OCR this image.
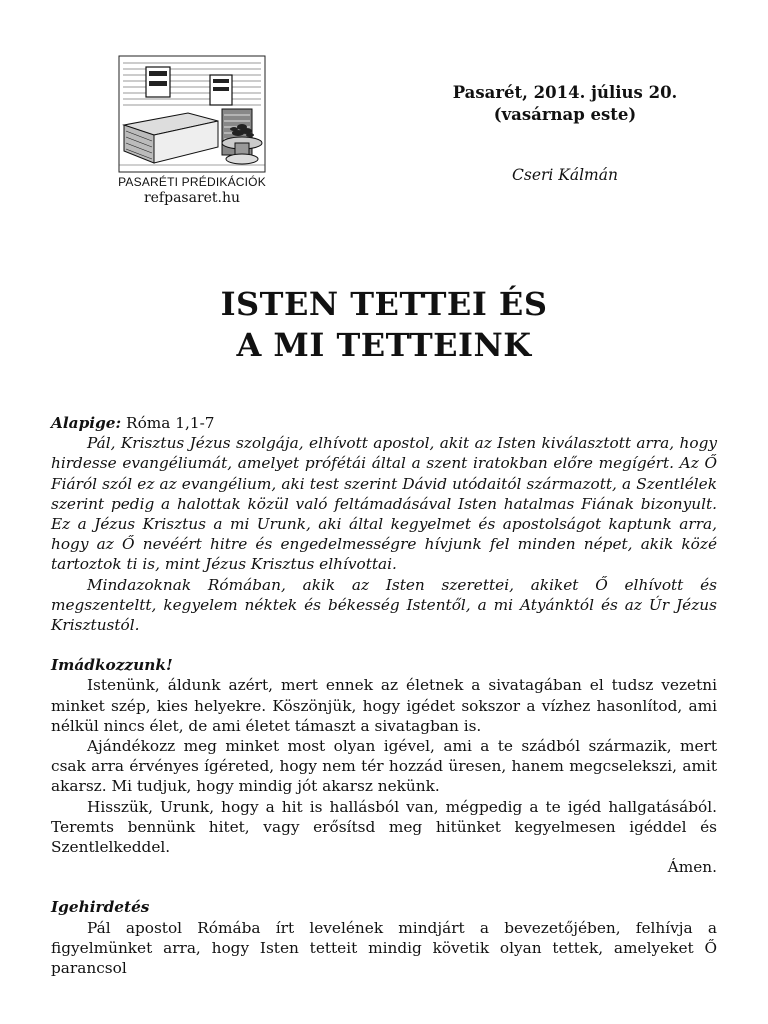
PASARÉTI PRÉDIKÁCIÓK
refpasaret.hu
Pasarét, 2014. július 20.
(vasárnap este)
Cseri Kálmán
ISTEN TETTEI ÉS
A MI TETTEINK

Alapige: Róma 1,1-7

Pál, Krisztus Jézus szolgája, elhívott apostol, akit az Isten kiválasztott arra, hogy hirdesse evangéliumát, amelyet prófétái által a szent iratokban előre megígért. Az Ő Fiáról szól ez az evangélium, aki test szerint Dávid utódaitól származott, a Szentlélek szerint pedig a halottak közül való feltámadásával Isten hatalmas Fiának bizonyult. Ez a Jézus Krisztus a mi Urunk, aki által kegyelmet és apostolságot kaptunk arra, hogy az Ő nevéért hitre és engedelmességre hívjunk fel minden népet, akik közé tartoztok ti is, mint Jézus Krisztus elhívottai.

Mindazoknak Rómában, akik az Isten szerettei, akiket Ő elhívott és megszenteltt, kegyelem néktek és békesség Istentől, a mi Atyánktól és az Úr Jézus Krisztustól.

Imádkozzunk!

Istenünk, áldunk azért, mert ennek az életnek a sivatagában el tudsz vezetni minket szép, kies helyekre. Köszönjük, hogy igédet sokszor a vízhez hasonlítod, ami nélkül nincs élet, de ami életet támaszt a sivatagban is.

Ajándékozz meg minket most olyan igével, ami a te szádból származik, mert csak arra érvényes ígéreted, hogy nem tér hozzád üresen, hanem megcselekszi, amit akarsz. Mi tudjuk, hogy mindig jót akarsz nekünk.

Hisszük, Urunk, hogy a hit is hallásból van, mégpedig a te igéd hallgatásából. Teremts bennünk hitet, vagy erősítsd meg hitünket kegyelmesen igéddel és Szentlelkeddel.

Ámen.

Igehirdetés

Pál apostol Rómába írt levelének mindjárt a bevezetőjében, felhívja a figyelmünket arra, hogy Isten tetteit mindig követik olyan tettek, amelyeket Ő parancsol
